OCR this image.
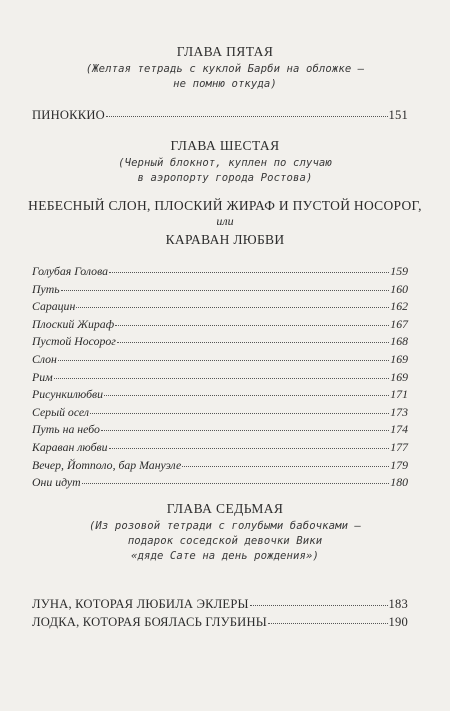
ГЛАВА ПЯТАЯ
(Желтая тетрадь с куклой Барби на обложке —
не помню откуда)
ПИНОККИО	151
ГЛАВА ШЕСТАЯ
(Черный блокнот, куплен по случаю
в аэропорту города Ростова)
НЕБЕСНЫЙ СЛОН, ПЛОСКИЙ ЖИРАФ И ПУСТОЙ НОСОРОГ,
или
КАРАВАН ЛЮБВИ
Голубая Голова	159
Путь	160
Сарацин	162
Плоский Жираф	167
Пустой Носорог	168
Слон	169
Рим	169
Рисункилюбви	171
Серый осел	173
Путь на небо	174
Караван любви	177
Вечер, Йотполо, бар Мануэле	179
Они идут	180
ГЛАВА СЕДЬМАЯ
(Из розовой тетради с голубыми бабочками —
подарок соседской девочки Вики
«дяде Сате на день рождения»)
ЛУНА, КОТОРАЯ ЛЮБИЛА ЭКЛЕРЫ	183
ЛОДКА, КОТОРАЯ БОЯЛАСЬ ГЛУБИНЫ	190
